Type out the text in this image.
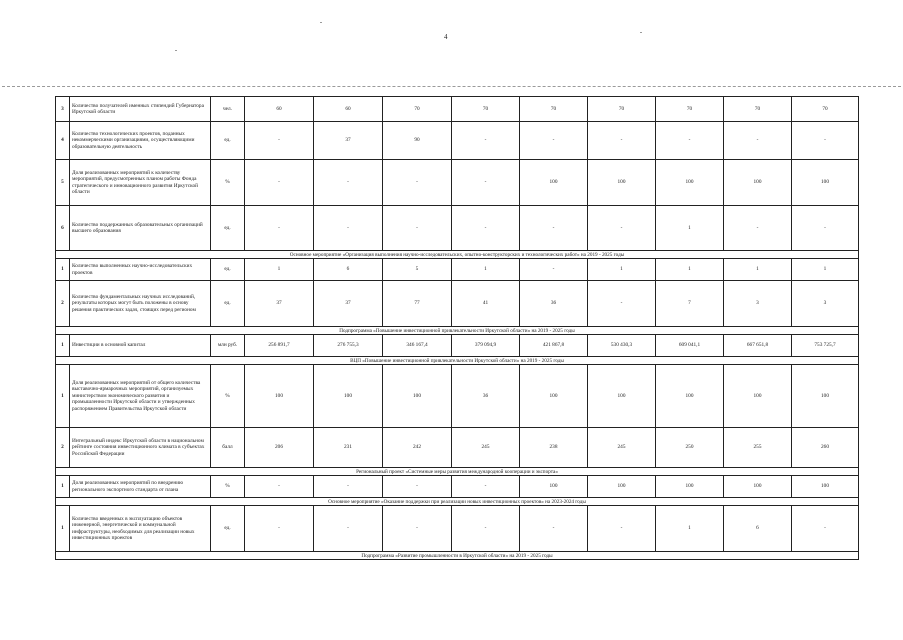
4
3	Количество получателей именных стипендий Губернатора Иркутской области	чел.	60	60	70	70	70	70	70	70	70
4	Количество технологических проектов, поданных некоммерческими организациями, осуществляющими образовательную деятельность	ед.	-	37	90	-	-	-	-	-	-
5	Доля реализованных мероприятий к количеству мероприятий, предусмотренных планом работы Фонда стратегического и инновационного развития Иркутской области	%	-	-	-	-	100	100	100	100	100
6	Количество поддержанных образовательных организаций высшего образования	ед.	-	-	-	-	-	-	1	-	-
Основное мероприятие «Организация выполнения научно-исследовательских, опытно-конструкторских и технологических работ» на 2019 - 2025 годы											
1	Количество выполненных научно-исследовательских проектов	ед.	1	6	5	1	-	1	1	1	1
2	Количество фундаментальных научных исследований, результаты которых могут быть положены в основу решения практических задач, стоящих перед регионом	ед.	37	37	77	41	36	-	7	3	3
Подпрограмма «Повышение инвестиционной привлекательности Иркутской области» на 2019 - 2025 годы											
1	Инвестиции в основной капитал	млн руб.	256 891,7	276 755,3	346 167,4	379 094,9	421 867,8	530 430,3	609 041,1	667 651,8	753 725,7
ВЦП «Повышение инвестиционной привлекательности Иркутской области» на 2019 - 2025 годы											
1	Доля реализованных мероприятий от общего количества выставочно-ярмарочных мероприятий, организуемых министерством экономического развития и промышленности Иркутской области и утвержденных распоряжением Правительства Иркутской области	%	100	100	100	36	100	100	100	100	100
2	Интегральный индекс Иркутской области в национальном рейтинге состояния инвестиционного климата в субъектах Российской Федерации	балл	206	231	242	245	238	245	250	255	260
Региональный проект «Системные меры развития международной кооперации и экспорта»											
1	Доля реализованных мероприятий по внедрению регионального экспортного стандарта от плана	%	-	-	-	-	100	100	100	100	100
Основное мероприятие «Оказание поддержки при реализации новых инвестиционных проектов» на 2023-2024 годы											
1	Количество введенных в эксплуатацию объектов инженерной, энергетической и коммунальной инфраструктуры, необходимых для реализации новых инвестиционных проектов	ед.	-	-	-	-	-	-	1	6	-
Подпрограмма «Развитие промышленности в Иркутской области» на 2019 - 2025 годы											
